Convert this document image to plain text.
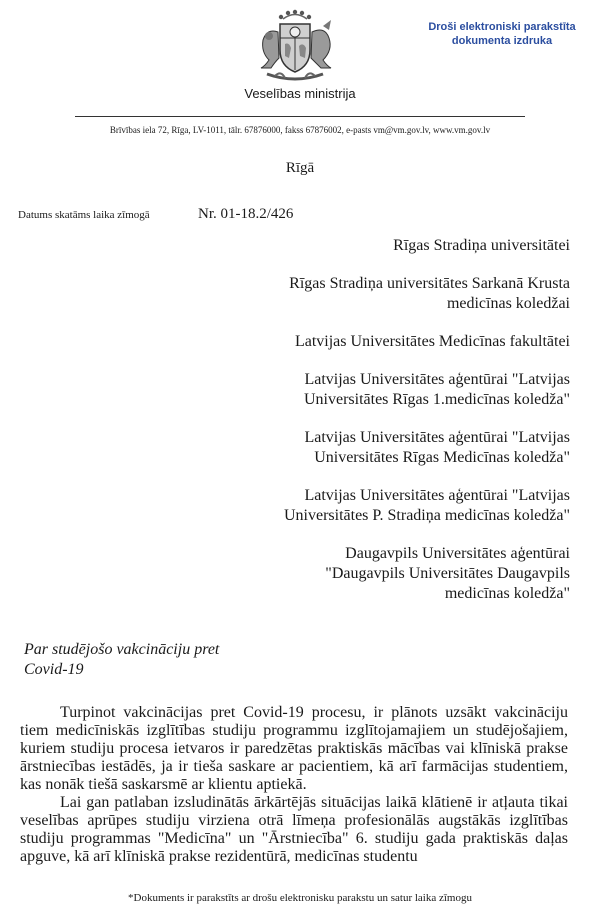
Veselības ministrija
Brīvības iela 72, Rīga, LV-1011, tālr. 67876000, fakss 67876002, e-pasts vm@vm.gov.lv, www.vm.gov.lv
Droši elektroniski parakstīta
dokumenta izdruka
Rīgā
Datums skatāms laika zīmogā	Nr. 01-18.2/426
Rīgas Stradiņa universitātei
Rīgas Stradiņa universitātes Sarkanā Krusta
medicīnas koledžai
Latvijas Universitātes Medicīnas fakultātei
Latvijas Universitātes aģentūrai "Latvijas
Universitātes Rīgas 1.medicīnas koledža"
Latvijas Universitātes aģentūrai "Latvijas
Universitātes Rīgas Medicīnas koledža"
Latvijas Universitātes aģentūrai "Latvijas
Universitātes P. Stradiņa medicīnas koledža"
Daugavpils Universitātes aģentūrai
"Daugavpils Universitātes Daugavpils
medicīnas koledža"
Par studējošo vakcināciju pret
Covid-19

Turpinot vakcinācijas pret Covid-19 procesu, ir plānots uzsākt vakcināciju tiem medicīniskās izglītības studiju programmu izglītojamajiem un studējošajiem, kuriem studiju procesa ietvaros ir paredzētas praktiskās mācības vai klīniskā prakse ārstniecības iestādēs, ja ir tieša saskare ar pacientiem, kā arī farmācijas studentiem, kas nonāk tiešā saskarsmē ar klientu aptiekā.

Lai gan patlaban izsludinātās ārkārtējās situācijas laikā klātienē ir atļauta tikai veselības aprūpes studiju virziena otrā līmeņa profesionālās augstākās izglītības studiju programmas "Medicīna" un "Ārstniecība" 6. studiju gada praktiskās daļas apguve, kā arī klīniskā prakse rezidentūrā, medicīnas studentu

*Dokuments ir parakstīts ar drošu elektronisku parakstu un satur laika zīmogu
